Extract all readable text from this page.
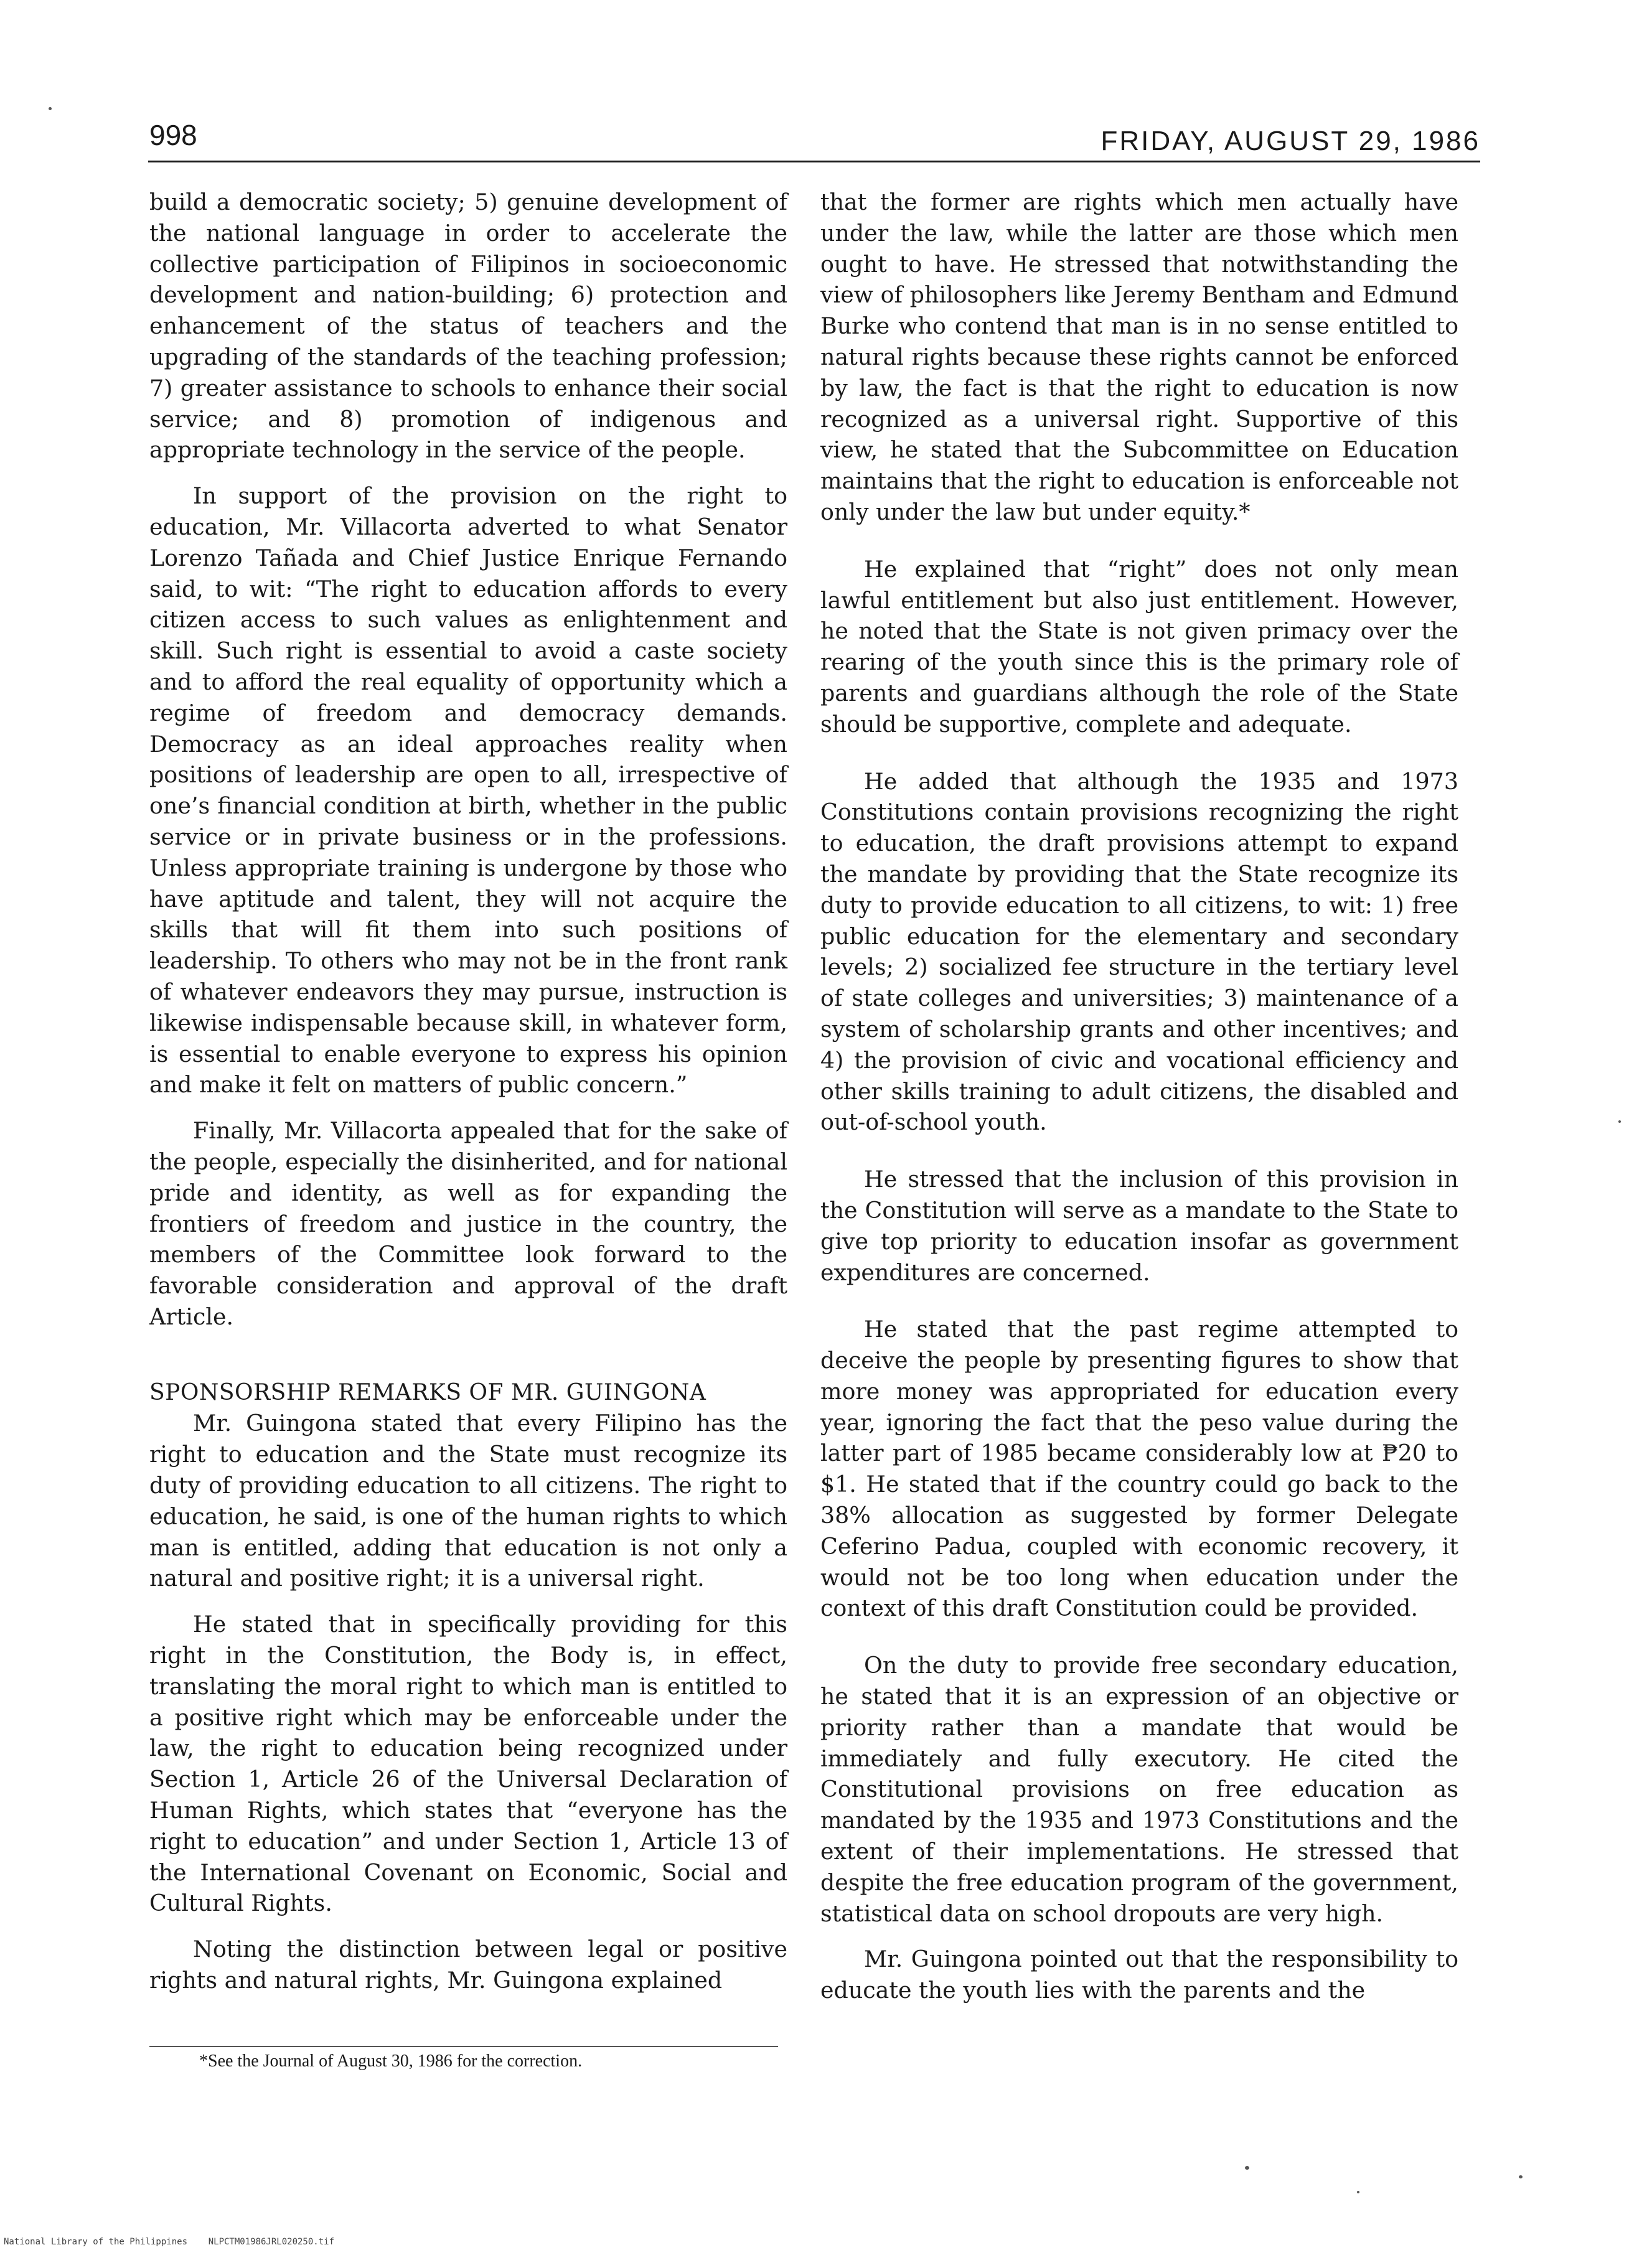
998	FRIDAY, AUGUST 29, 1986

build a democratic society; 5) genuine development of the national language in order to accelerate the collective participation of Filipinos in socioeconomic development and nation-building; 6) protection and enhancement of the status of teachers and the upgrading of the standards of the teaching profession; 7) greater assistance to schools to enhance their social service; and 8) promotion of indigenous and appropriate technology in the service of the people.

In support of the provision on the right to education, Mr. Villacorta adverted to what Senator Lorenzo Tañada and Chief Justice Enrique Fernando said, to wit: “The right to education affords to every citizen access to such values as enlightenment and skill. Such right is essential to avoid a caste society and to afford the real equality of opportunity which a regime of freedom and democracy demands. Democracy as an ideal approaches reality when positions of leadership are open to all, irrespective of one’s financial condition at birth, whether in the public service or in private business or in the professions. Unless appropriate training is undergone by those who have aptitude and talent, they will not acquire the skills that will fit them into such positions of leadership. To others who may not be in the front rank of whatever endeavors they may pursue, instruction is likewise indispensable because skill, in whatever form, is essential to enable everyone to express his opinion and make it felt on matters of public concern.”

Finally, Mr. Villacorta appealed that for the sake of the people, especially the disinherited, and for national pride and identity, as well as for expanding the frontiers of freedom and justice in the country, the members of the Committee look forward to the favorable consideration and approval of the draft Article.

SPONSORSHIP REMARKS OF MR. GUINGONA

Mr. Guingona stated that every Filipino has the right to education and the State must recognize its duty of providing education to all citizens. The right to education, he said, is one of the human rights to which man is entitled, adding that education is not only a natural and positive right; it is a universal right.

He stated that in specifically providing for this right in the Constitution, the Body is, in effect, translating the moral right to which man is entitled to a positive right which may be enforceable under the law, the right to education being recognized under Section 1, Article 26 of the Universal Declaration of Human Rights, which states that “everyone has the right to education” and under Section 1, Article 13 of the International Covenant on Economic, Social and Cultural Rights.

Noting the distinction between legal or positive rights and natural rights, Mr. Guingona explained

that the former are rights which men actually have under the law, while the latter are those which men ought to have. He stressed that notwithstanding the view of philosophers like Jeremy Bentham and Edmund Burke who contend that man is in no sense entitled to natural rights because these rights cannot be enforced by law, the fact is that the right to education is now recognized as a universal right. Supportive of this view, he stated that the Subcommittee on Education maintains that the right to education is enforceable not only under the law but under equity.*

He explained that “right” does not only mean lawful entitlement but also just entitlement. However, he noted that the State is not given primacy over the rearing of the youth since this is the primary role of parents and guardians although the role of the State should be supportive, complete and adequate.

He added that although the 1935 and 1973 Constitutions contain provisions recognizing the right to education, the draft provisions attempt to expand the mandate by providing that the State recognize its duty to provide education to all citizens, to wit: 1) free public education for the elementary and secondary levels; 2) socialized fee structure in the tertiary level of state colleges and universities; 3) maintenance of a system of scholarship grants and other incentives; and 4) the provision of civic and vocational efficiency and other skills training to adult citizens, the disabled and out-of-school youth.

He stressed that the inclusion of this provision in the Constitution will serve as a mandate to the State to give top priority to education insofar as government expenditures are concerned.

He stated that the past regime attempted to deceive the people by presenting figures to show that more money was appropriated for education every year, ignoring the fact that the peso value during the latter part of 1985 became considerably low at ₱20 to $1. He stated that if the country could go back to the 38% allocation as suggested by former Delegate Ceferino Padua, coupled with economic recovery, it would not be too long when education under the context of this draft Constitution could be provided.

On the duty to provide free secondary education, he stated that it is an expression of an objective or priority rather than a mandate that would be immediately and fully executory. He cited the Constitutional provisions on free education as mandated by the 1935 and 1973 Constitutions and the extent of their implementations. He stressed that despite the free education program of the government, statistical data on school dropouts are very high.

Mr. Guingona pointed out that the responsibility to educate the youth lies with the parents and the

*See the Journal of August 30, 1986 for the correction.
National Library of the Philippines    NLPCTM01986JRL020250.tif
